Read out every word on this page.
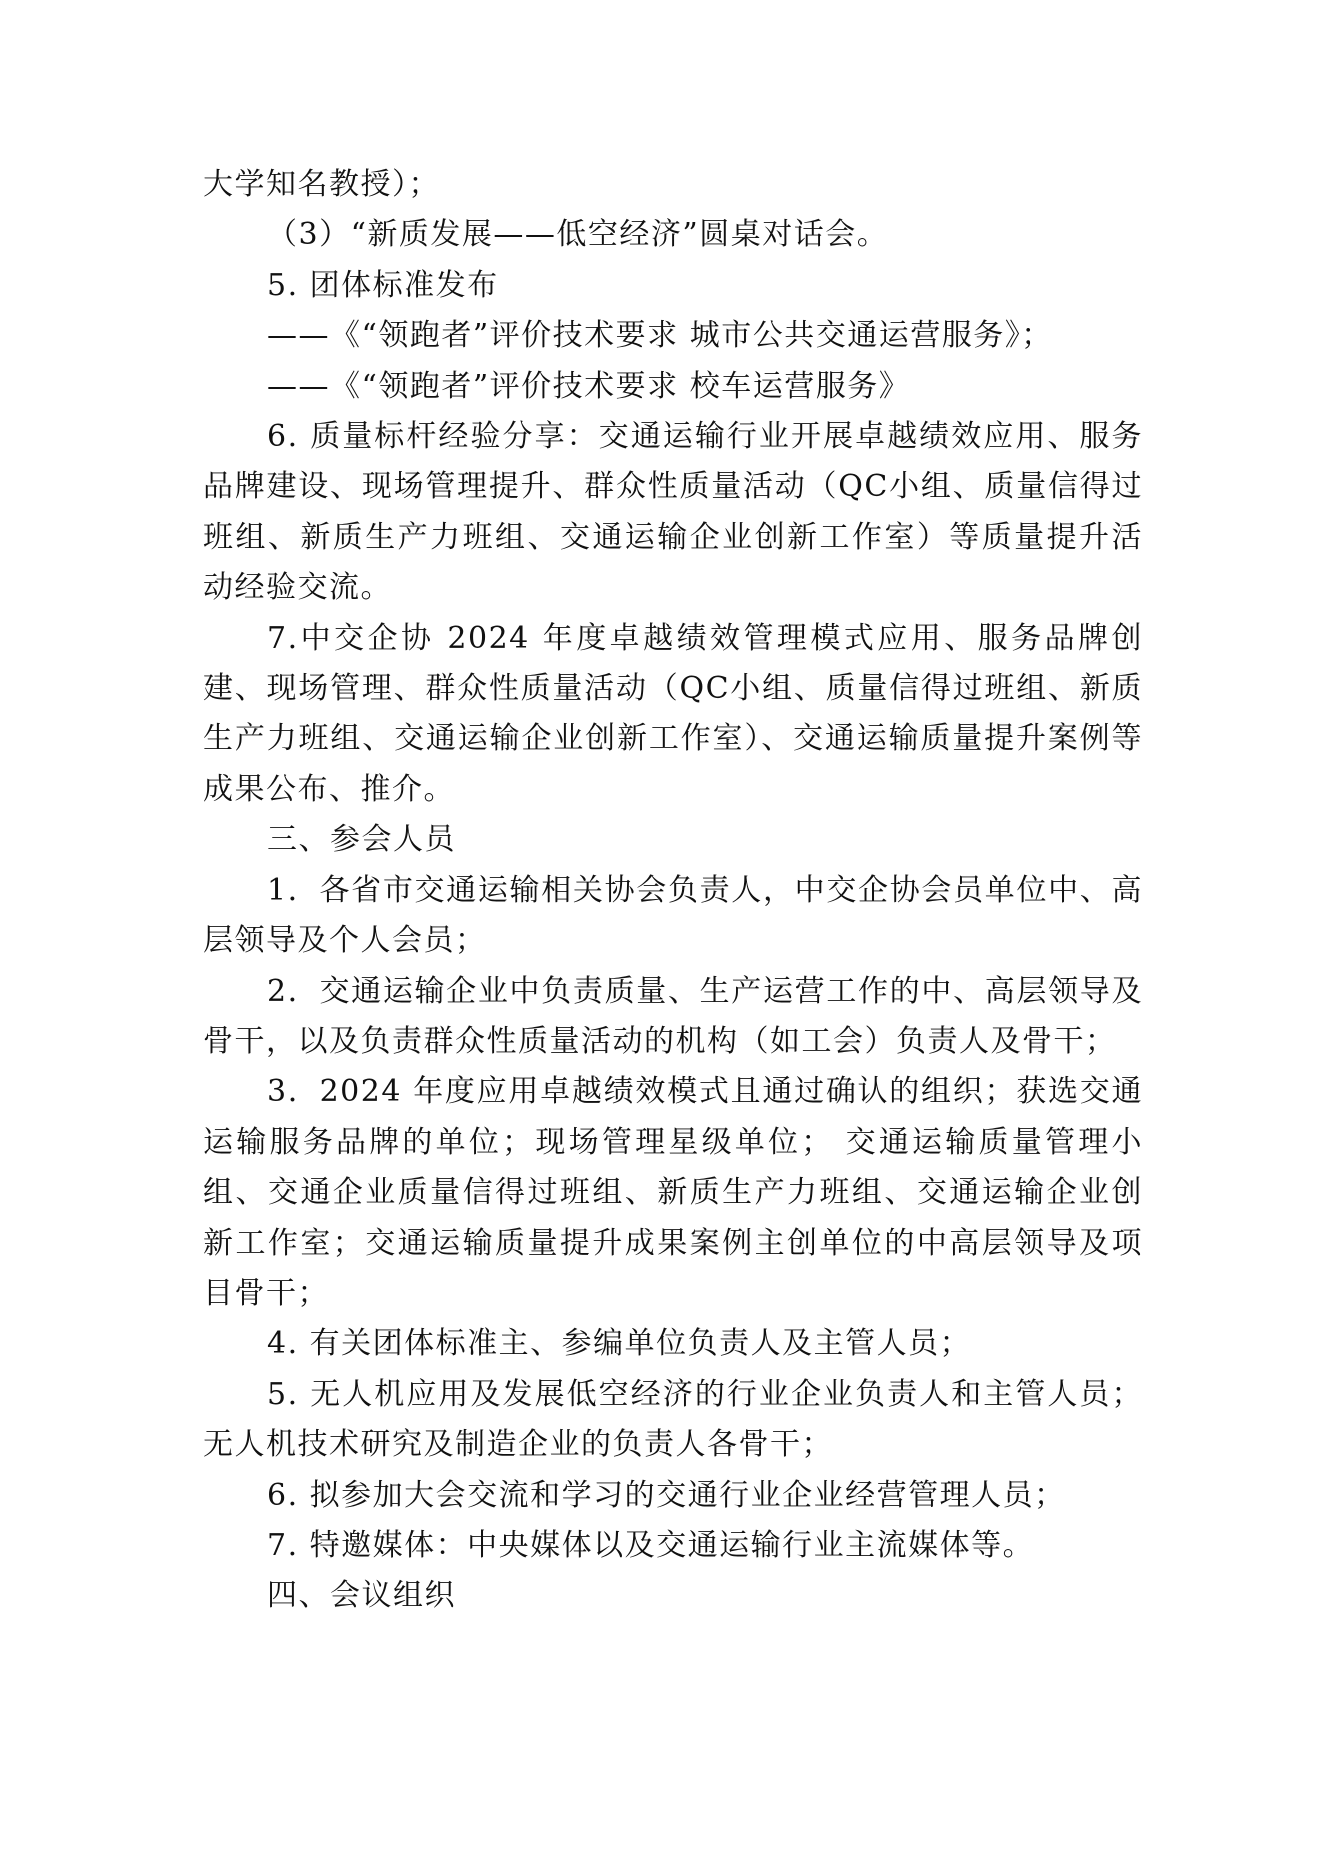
大学知名教授）；

（3）“新质发展——低空经济”圆桌对话会。

5. 团体标准发布

——《“领跑者”评价技术要求 城市公共交通运营服务》；

——《“领跑者”评价技术要求 校车运营服务》

6. 质量标杆经验分享：交通运输行业开展卓越绩效应用、服务品牌建设、现场管理提升、群众性质量活动（QC小组、质量信得过班组、新质生产力班组、交通运输企业创新工作室）等质量提升活动经验交流。

7.中交企协 2024 年度卓越绩效管理模式应用、服务品牌创建、现场管理、群众性质量活动（QC小组、质量信得过班组、新质生产力班组、交通运输企业创新工作室）、交通运输质量提升案例等成果公布、推介。

三、参会人员

1．各省市交通运输相关协会负责人，中交企协会员单位中、高层领导及个人会员；

2．交通运输企业中负责质量、生产运营工作的中、高层领导及骨干，以及负责群众性质量活动的机构（如工会）负责人及骨干；

3．2024 年度应用卓越绩效模式且通过确认的组织；获选交通运输服务品牌的单位；现场管理星级单位； 交通运输质量管理小组、交通企业质量信得过班组、新质生产力班组、交通运输企业创新工作室；交通运输质量提升成果案例主创单位的中高层领导及项目骨干；

4. 有关团体标准主、参编单位负责人及主管人员；

5. 无人机应用及发展低空经济的行业企业负责人和主管人员；无人机技术研究及制造企业的负责人各骨干；

6. 拟参加大会交流和学习的交通行业企业经营管理人员；

7. 特邀媒体：中央媒体以及交通运输行业主流媒体等。

四、会议组织
